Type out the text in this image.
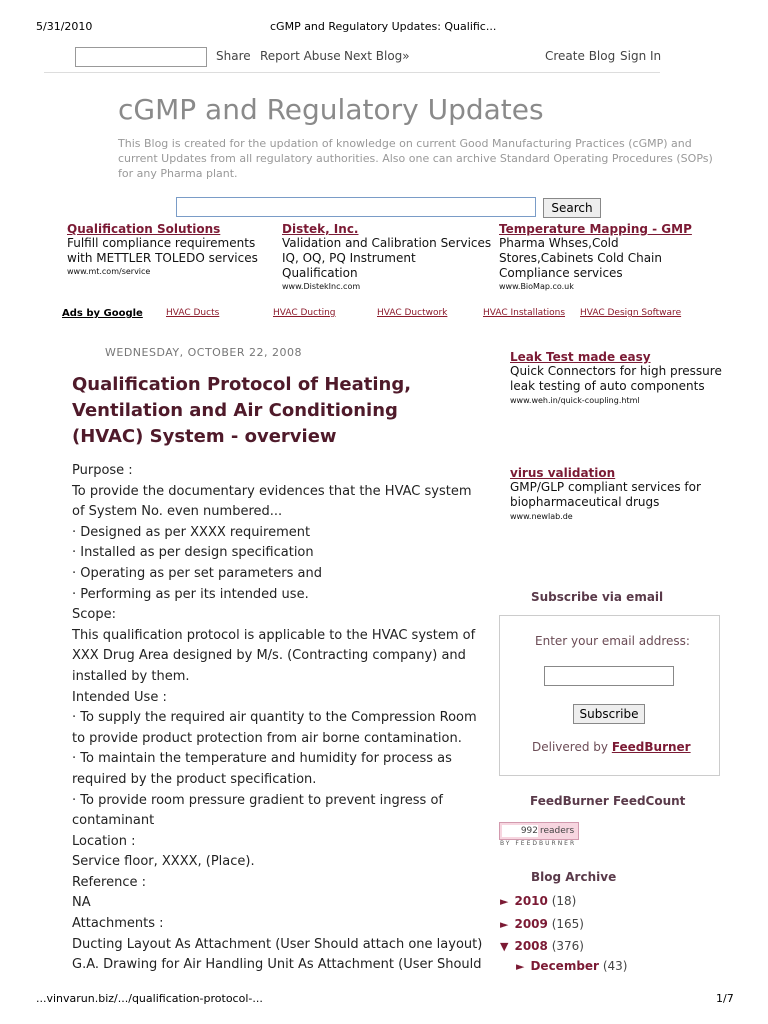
5/31/2010	cGMP and Regulatory Updates: Qualific...
Share Report Abuse Next Blog»	Create Blog Sign In
cGMP and Regulatory Updates
This Blog is created for the updation of knowledge on current Good Manufacturing Practices (cGMP) and current Updates from all regulatory authorities. Also one can archive Standard Operating Procedures (SOPs) for any Pharma plant.
Search
Qualification Solutions
Fulfill compliance requirements with METTLER TOLEDO services
www.mt.com/service
Distek, Inc.
Validation and Calibration Services IQ, OQ, PQ Instrument Qualification
www.DistekInc.com
Temperature Mapping - GMP
Pharma Whses,Cold Stores,Cabinets Cold Chain Compliance services
www.BioMap.co.uk
Ads by Google	HVAC Ducts	HVAC Ducting	HVAC Ductwork	HVAC Installations HVAC Design Software
WEDNESDAY, OCTOBER 22, 2008
Qualification Protocol of Heating, Ventilation and Air Conditioning (HVAC) System - overview
Purpose :
To provide the documentary evidences that the HVAC system
of System No. even numbered...
· Designed as per XXXX requirement
· Installed as per design specification
· Operating as per set parameters and
· Performing as per its intended use.
Scope:
This qualification protocol is applicable to the HVAC system of
XXX Drug Area designed by M/s. (Contracting company) and
installed by them.
Intended Use :
· To supply the required air quantity to the Compression Room
to provide product protection from air borne contamination.
· To maintain the temperature and humidity for process as
required by the product specification.
· To provide room pressure gradient to prevent ingress of
contaminant
Location :
Service floor, XXXX, (Place).
Reference :
NA
Attachments :
Ducting Layout As Attachment (User Should attach one layout)
G.A. Drawing for Air Handling Unit As Attachment (User Should
Leak Test made easy
Quick Connectors for high pressure leak testing of auto components
www.weh.in/quick-coupling.html
virus validation
GMP/GLP compliant services for biopharmaceutical drugs
www.newlab.de
Subscribe via email
Enter your email address:
Subscribe
Delivered by FeedBurner
FeedBurner FeedCount
992 readers
BY FEEDBURNER
Blog Archive
► 2010 (18)
► 2009 (165)
▼ 2008 (376)
► December (43)
...vinvarun.biz/.../qualification-protocol-...	1/7
